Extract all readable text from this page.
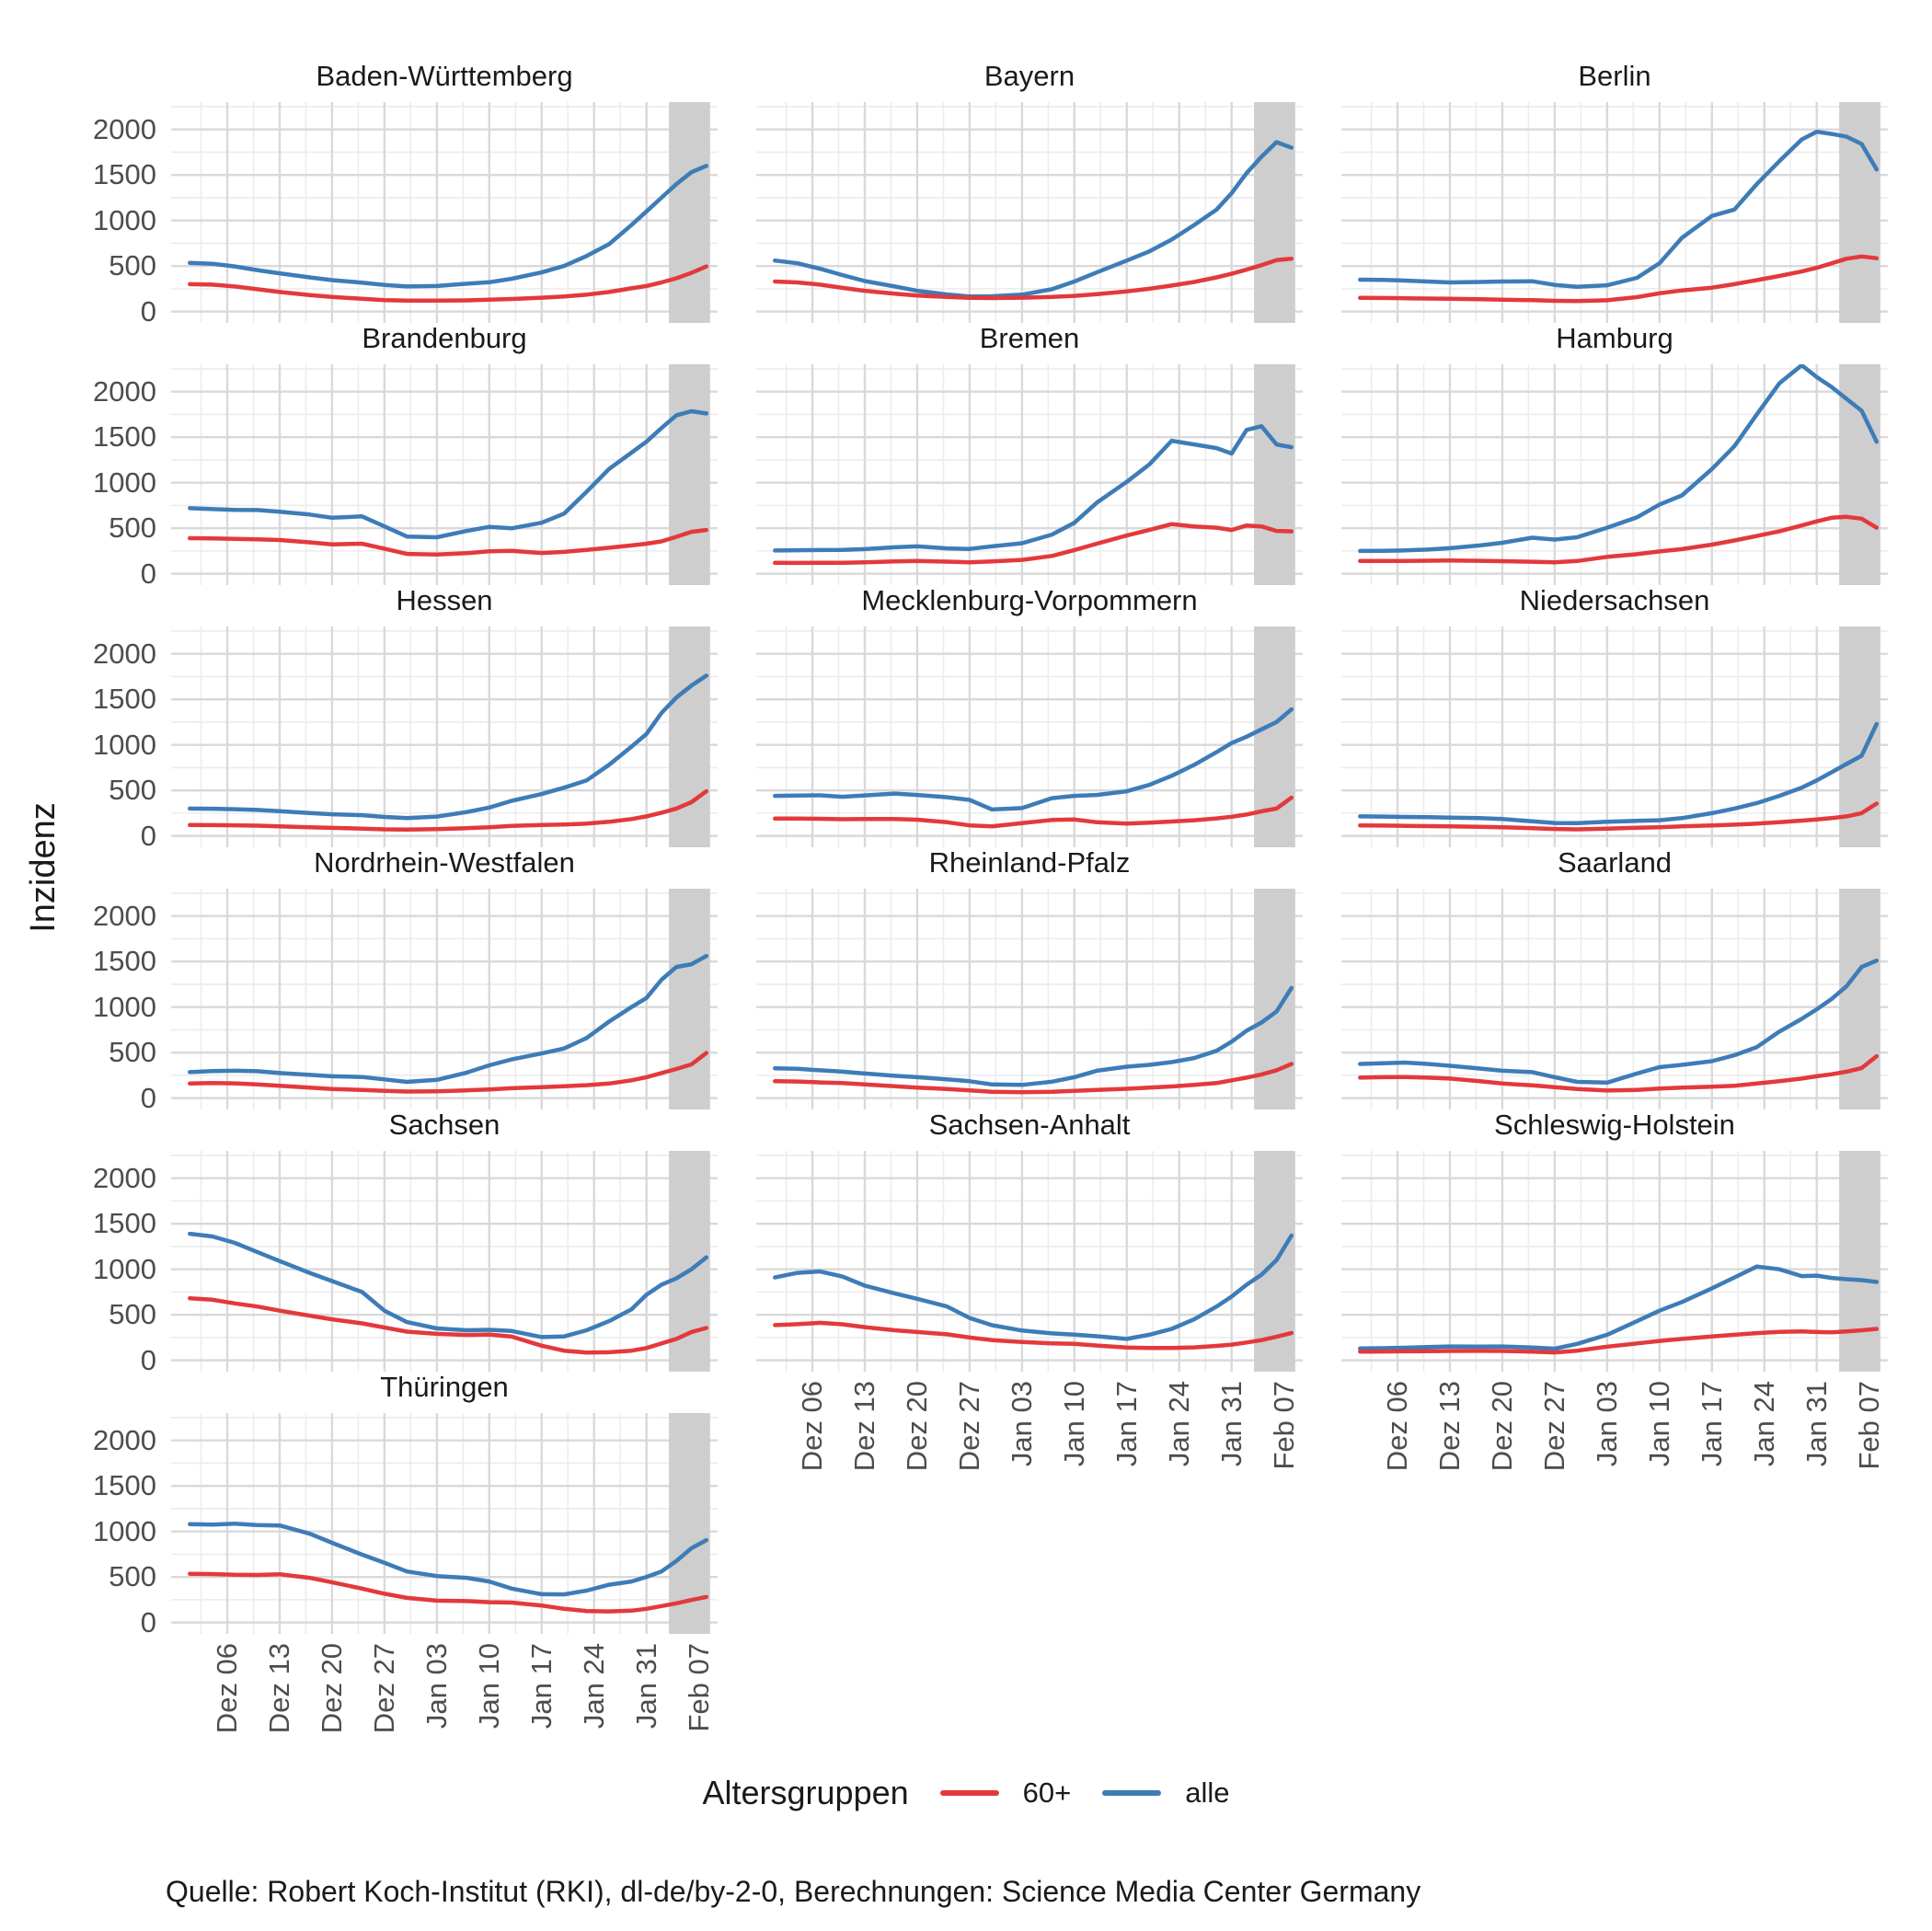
Inzidenz
Baden-Württemberg
0
500
1000
1500
2000
Bayern	Berlin
Brandenburg
0
500
1000
1500
2000
Bremen	Hamburg
Hessen
0
500
1000
1500
2000
Mecklenburg-Vorpommern	Niedersachsen
Nordrhein-Westfalen
0
500
1000
1500
2000
Rheinland-Pfalz	Saarland
Sachsen
0
500
1000
1500
2000
Sachsen-Anhalt
Dez 06 Dez 13 Dez 20 Dez 27 Jan 03 Jan 10 Jan 17 Jan 24 Jan 31 Feb 07
Schleswig-Holstein
Dez 06 Dez 13 Dez 20 Dez 27 Jan 03 Jan 10 Jan 17 Jan 24 Jan 31 Feb 07
Thüringen
0
500
1000
1500
2000
Dez 06 Dez 13 Dez 20 Dez 27 Jan 03 Jan 10 Jan 17 Jan 24 Jan 31 Feb 07
Altersgruppen	60+	alle
Quelle: Robert Koch-Institut (RKI), dl-de/by-2-0, Berechnungen: Science Media Center Germany
